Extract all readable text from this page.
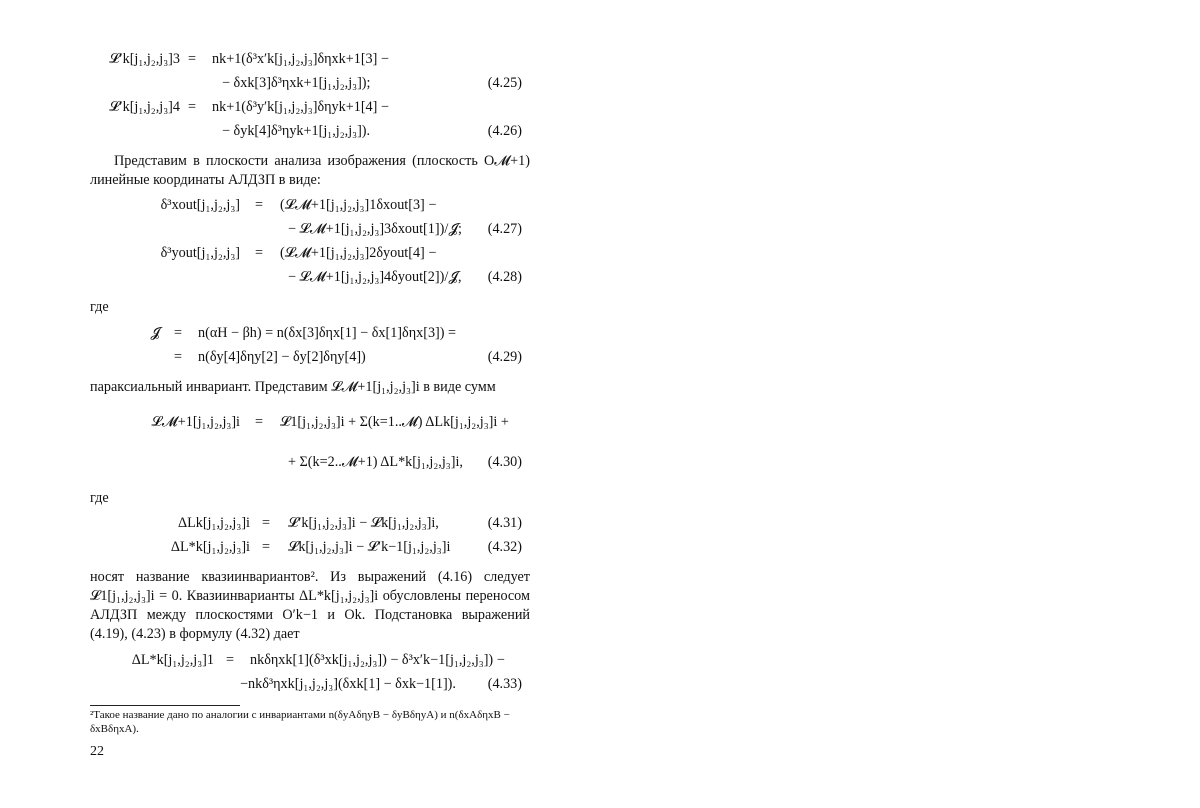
𝓛′k[j₁,j₂,j₃]3 = nk+1(δ³x′k[j₁,j₂,j₃]δηxk+1[3] −
− δxk[3]δ³ηxk+1[j₁,j₂,j₃]);	(4.25)
𝓛′k[j₁,j₂,j₃]4 = nk+1(δ³y′k[j₁,j₂,j₃]δηyk+1[4] −
− δyk[4]δ³ηyk+1[j₁,j₂,j₃]).	(4.26)

Представим в плоскости анализа изображения (плоскость O𝓜+1) линейные координаты АЛДЗП в виде:

δ³xout[j₁,j₂,j₃] = (𝓛𝓜+1[j₁,j₂,j₃]1δxout[3] −
− 𝓛𝓜+1[j₁,j₂,j₃]3δxout[1])/𝓙; (4.27)
δ³yout[j₁,j₂,j₃] = (𝓛𝓜+1[j₁,j₂,j₃]2δyout[4] −
− 𝓛𝓜+1[j₁,j₂,j₃]4δyout[2])/𝓙, (4.28)

где

𝓙 = n(αH − βh) = n(δx[3]δηx[1] − δx[1]δηx[3]) =
= n(δy[4]δηy[2] − δy[2]δηy[4])	(4.29)

параксиальный инвариант. Представим 𝓛𝓜+1[j₁,j₂,j₃]i в виде сумм

𝓛𝓜+1[j₁,j₂,j₃]i = 𝓛1[j₁,j₂,j₃]i + Σ(k=1..𝓜) ΔLk[j₁,j₂,j₃]i +
+ Σ(k=2..𝓜+1) ΔL*k[j₁,j₂,j₃]i, (4.30)

где

ΔLk[j₁,j₂,j₃]i = 𝓛′k[j₁,j₂,j₃]i − 𝓛k[j₁,j₂,j₃]i,	(4.31)
ΔL*k[j₁,j₂,j₃]i = 𝓛k[j₁,j₂,j₃]i − 𝓛′k−1[j₁,j₂,j₃]i	(4.32)

носят название квазиинвариантов². Из выражений (4.16) следует 𝓛1[j₁,j₂,j₃]i = 0. Квазиинварианты ΔL*k[j₁,j₂,j₃]i обусловлены переносом АЛДЗП между плоскостями O′k−1 и Ok. Подстановка выражений (4.19), (4.23) в формулу (4.32) дает

ΔL*k[j₁,j₂,j₃]1 = nkδηxk[1](δ³xk[j₁,j₂,j₃]) − δ³x′k−1[j₁,j₂,j₃]) −
−nkδ³ηxk[j₁,j₂,j₃](δxk[1] − δxk−1[1]). (4.33)
²Такое название дано по аналогии с инвариантами n(δyAδηyB − δyBδηyA) и n(δxAδηxB − δxBδηxA).
22
